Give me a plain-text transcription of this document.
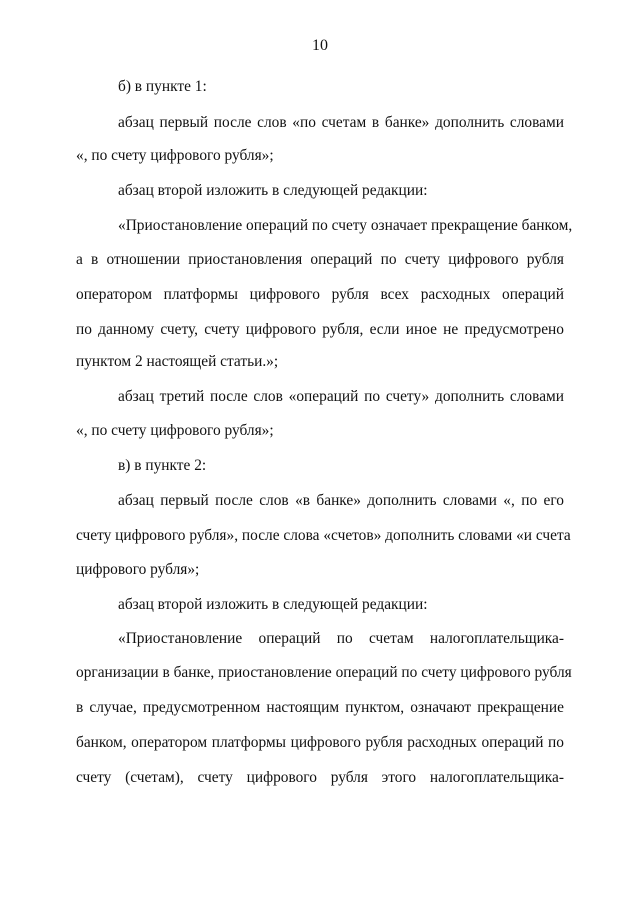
10
б) в пункте 1:
абзац первый после слов «по счетам в банке» дополнить словами
«, по счету цифрового рубля»;
абзац второй изложить в следующей редакции:
«Приостановление операций по счету означает прекращение банком,
а в отношении приостановления операций по счету цифрового рубля
оператором платформы цифрового рубля всех расходных операций
по данному счету, счету цифрового рубля, если иное не предусмотрено
пунктом 2 настоящей статьи.»;
абзац третий после слов «операций по счету» дополнить словами
«, по счету цифрового рубля»;
в) в пункте 2:
абзац первый после слов «в банке» дополнить словами «, по его
счету цифрового рубля», после слова «счетов» дополнить словами «и счета
цифрового рубля»;
абзац второй изложить в следующей редакции:
«Приостановление операций по счетам налогоплательщика-
организации в банке, приостановление операций по счету цифрового рубля
в случае, предусмотренном настоящим пунктом, означают прекращение
банком, оператором платформы цифрового рубля расходных операций по
счету (счетам), счету цифрового рубля этого налогоплательщика-
